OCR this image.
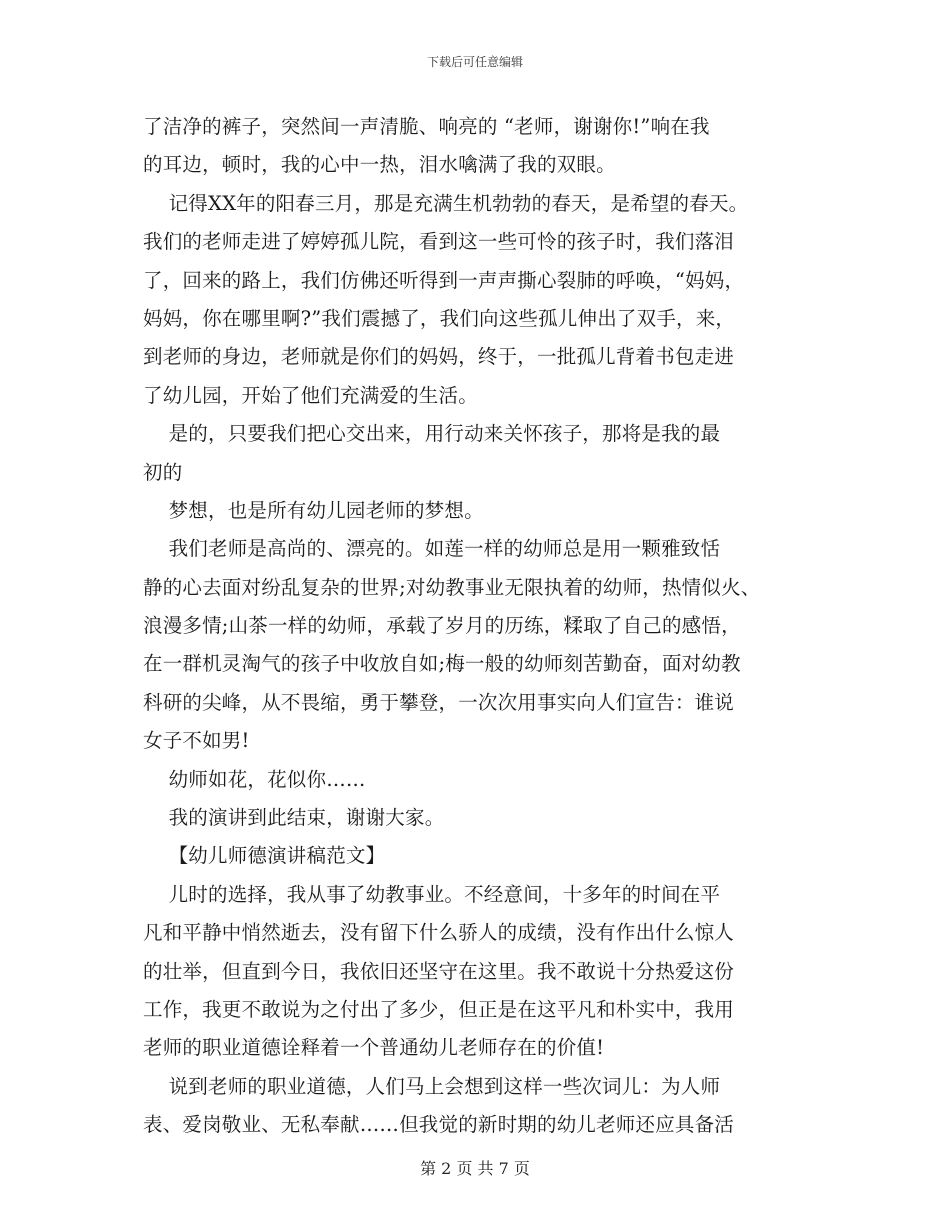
下载后可任意编辑
了洁净的裤子，突然间一声清脆、响亮的 “老师，谢谢你!”响在我
的耳边，顿时，我的心中一热，泪水噙满了我的双眼。
记得XX年的阳春三月，那是充满生机勃勃的春天，是希望的春天。
我们的老师走进了婷婷孤儿院，看到这一些可怜的孩子时，我们落泪
了，回来的路上，我们仿佛还听得到一声声撕心裂肺的呼唤，“妈妈，
妈妈，你在哪里啊?”我们震撼了，我们向这些孤儿伸出了双手，来，
到老师的身边，老师就是你们的妈妈，终于，一批孤儿背着书包走进
了幼儿园，开始了他们充满爱的生活。
是的，只要我们把心交出来，用行动来关怀孩子，那将是我的最
初的
梦想，也是所有幼儿园老师的梦想。
我们老师是高尚的、漂亮的。如莲一样的幼师总是用一颗雅致恬
静的心去面对纷乱复杂的世界;对幼教事业无限执着的幼师，热情似火、
浪漫多情;山茶一样的幼师，承载了岁月的历练，糅取了自己的感悟，
在一群机灵淘气的孩子中收放自如;梅一般的幼师刻苦勤奋，面对幼教
科研的尖峰，从不畏缩，勇于攀登，一次次用事实向人们宣告：谁说
女子不如男!
幼师如花，花似你……
我的演讲到此结束，谢谢大家。
【幼儿师德演讲稿范文】
儿时的选择，我从事了幼教事业。不经意间，十多年的时间在平
凡和平静中悄然逝去，没有留下什么骄人的成绩，没有作出什么惊人
的壮举，但直到今日，我依旧还坚守在这里。我不敢说十分热爱这份
工作，我更不敢说为之付出了多少，但正是在这平凡和朴实中，我用
老师的职业道德诠释着一个普通幼儿老师存在的价值!
说到老师的职业道德，人们马上会想到这样一些次词儿：为人师
表、爱岗敬业、无私奉献……但我觉的新时期的幼儿老师还应具备活
第 2 页 共 7 页
